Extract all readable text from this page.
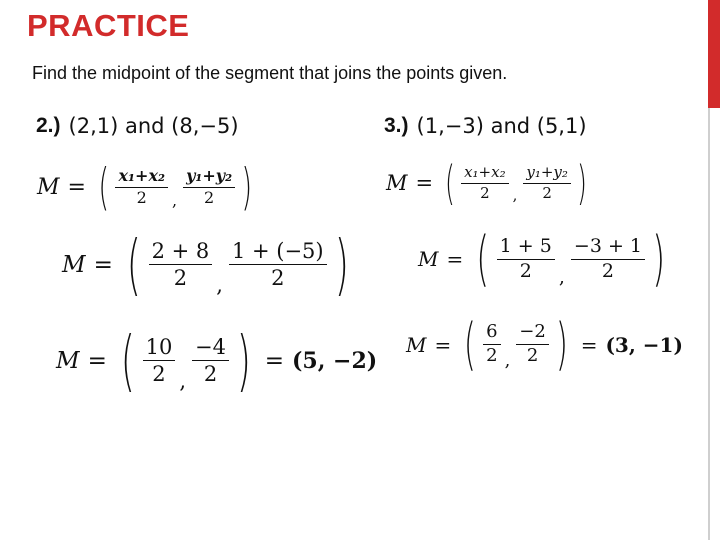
PRACTICE
Find the midpoint of the segment that joins the points given.
2.) (2,1) and (8,−5)
M = ( $\frac{\text{x₁+x₂}}{2}$ , $\frac{\text{y₁+y₂}}{2}$ )
M = ( $\frac{2 + 8}{2}$ , $\frac{1 + (-5)}{2}$ )
M = ( $\frac{10}{2}$ , $\frac{-4}{2}$ ) = (5, −2)
3.) (1,−3) and (5,1)
M = ( $\frac{\text{x₁+x₂}}{2}$ , $\frac{\text{y₁+y₂}}{2}$ )
M = ( $\frac{1 + 5}{2}$ , $\frac{-3 + 1}{2}$ )
M = ( $\frac{6}{2}$ , $\frac{-2}{2}$ ) = (3, −1)
